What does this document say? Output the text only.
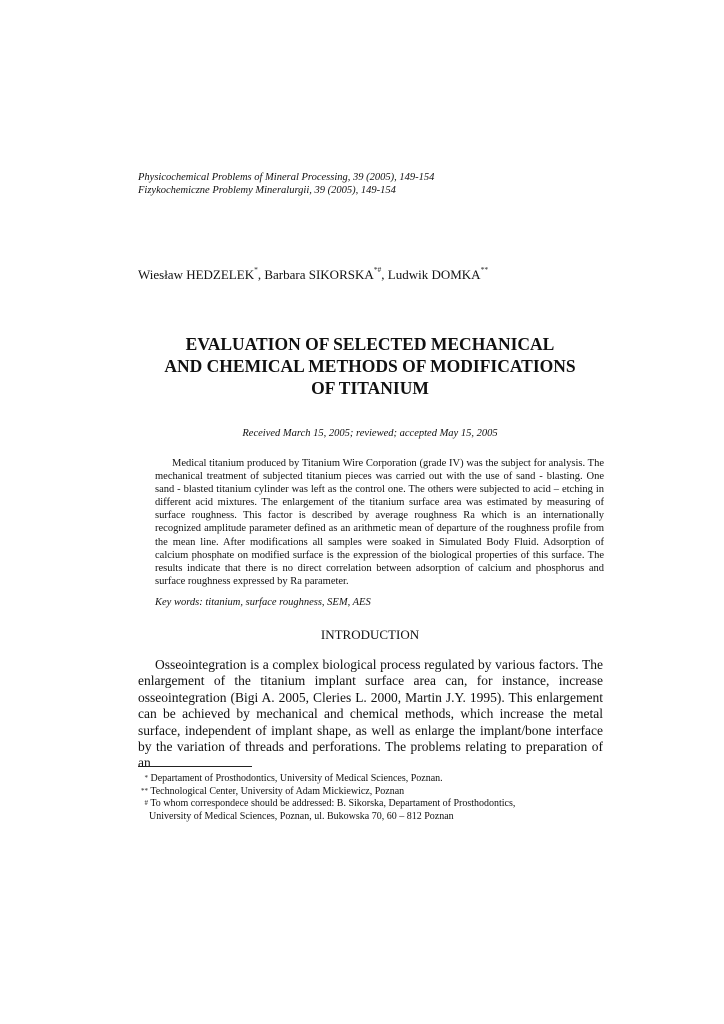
Physicochemical Problems of Mineral Processing, 39 (2005), 149-154
Fizykochemiczne Problemy Mineralurgii, 39 (2005), 149-154
Wiesław HEDZELEK*, Barbara SIKORSKA*#, Ludwik DOMKA**
EVALUATION OF SELECTED MECHANICAL
AND CHEMICAL METHODS OF MODIFICATIONS
OF TITANIUM
Received March 15, 2005; reviewed; accepted May 15, 2005

Medical titanium produced by Titanium Wire Corporation (grade IV) was the subject for analysis. The mechanical treatment of subjected titanium pieces was carried out with the use of sand - blasting. One sand - blasted titanium cylinder was left as the control one. The others were subjected to acid – etching in different acid mixtures. The enlargement of the titanium surface area was estimated by measuring of surface roughness. This factor is described by average roughness Ra which is an internationally recognized amplitude parameter defined as an arithmetic mean of departure of the roughness profile from the mean line. After modifications all samples were soaked in Simulated Body Fluid. Adsorption of calcium phosphate on modified surface is the expression of the biological properties of this surface. The results indicate that there is no direct correlation between adsorption of calcium and phosphorus and surface roughness expressed by Ra parameter.

Key words: titanium, surface roughness, SEM, AES
INTRODUCTION

Osseointegration is a complex biological process regulated by various factors. The enlargement of the titanium implant surface area can, for instance, increase osseointegration (Bigi A. 2005, Cleries L. 2000, Martin J.Y. 1995). This enlargement can be achieved by mechanical and chemical methods, which increase the metal surface, independent of implant shape, as well as enlarge the implant/bone interface by the variation of threads and perforations. The problems relating to preparation of an

* Departament of Prosthodontics, University of Medical Sciences, Poznan.
** Technological Center, University of Adam Mickiewicz, Poznan
# To whom correspondece should be addressed: B. Sikorska, Departament of Prosthodontics,
University of Medical Sciences, Poznan, ul. Bukowska 70, 60 – 812 Poznan
